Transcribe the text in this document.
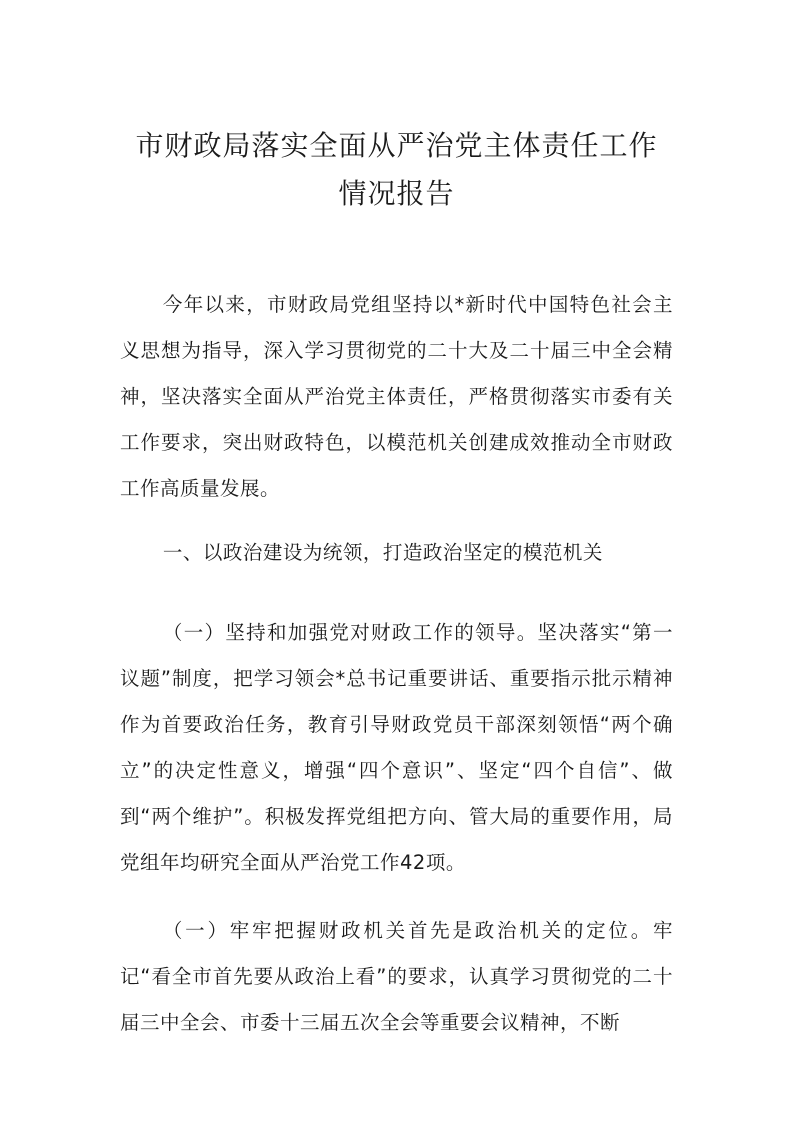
市财政局落实全面从严治党主体责任工作
情况报告

今年以来，市财政局党组坚持以*新时代中国特色社会主义思想为指导，深入学习贯彻党的二十大及二十届三中全会精神，坚决落实全面从严治党主体责任，严格贯彻落实市委有关工作要求，突出财政特色，以模范机关创建成效推动全市财政工作高质量发展。

一、以政治建设为统领，打造政治坚定的模范机关

（一）坚持和加强党对财政工作的领导。坚决落实“第一议题”制度，把学习领会*总书记重要讲话、重要指示批示精神作为首要政治任务，教育引导财政党员干部深刻领悟“两个确立”的决定性意义，增强“四个意识”、坚定“四个自信”、做到“两个维护”。积极发挥党组把方向、管大局的重要作用，局党组年均研究全面从严治党工作42项。

（一）牢牢把握财政机关首先是政治机关的定位。牢记“看全市首先要从政治上看”的要求，认真学习贯彻党的二十届三中全会、市委十三届五次全会等重要会议精神，不断
